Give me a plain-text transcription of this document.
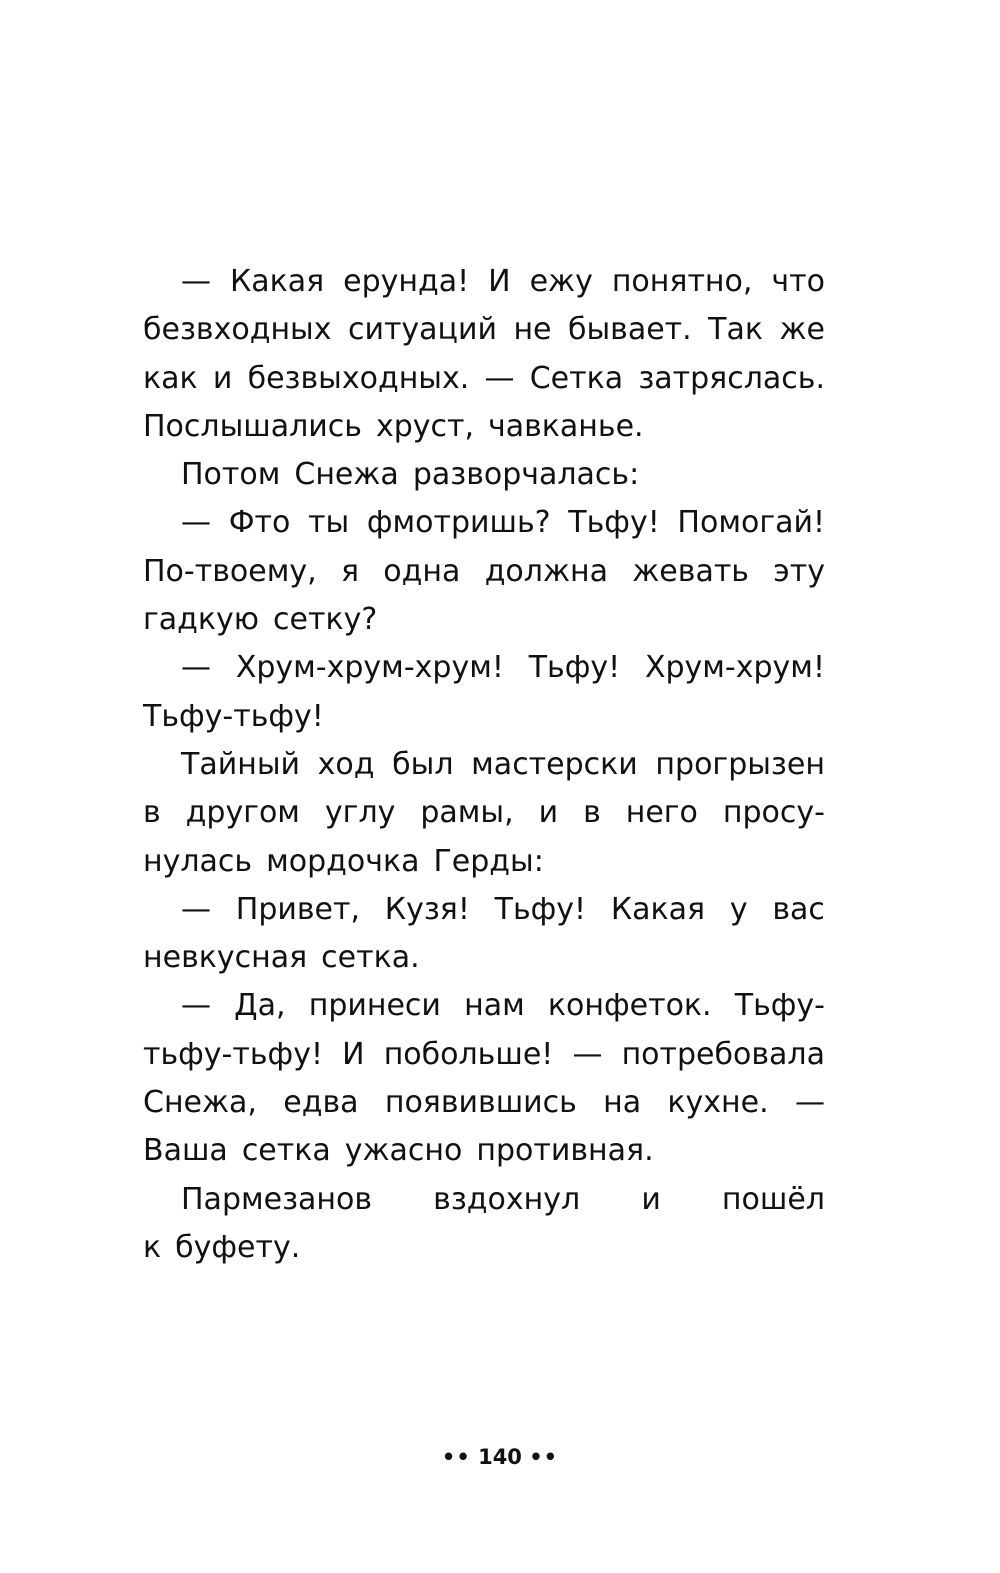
— Какая ерунда! И ежу понятно, что
безвходных ситуаций не бывает. Так же
как и безвыходных. — Сетка затряслась.
Послышались хруст, чавканье.
Потом Снежа разворчалась:
— Фто ты фмотришь? Тьфу! Помогай!
По-твоему, я одна должна жевать эту
гадкую сетку?
— Хрум-хрум-хрум! Тьфу! Хрум-хрум!
Тьфу-тьфу!
Тайный ход был мастерски прогрызен
в другом углу рамы, и в него просу-
нулась мордочка Герды:
— Привет, Кузя! Тьфу! Какая у вас
невкусная сетка.
— Да, принеси нам конфеток. Тьфу-
тьфу-тьфу! И побольше! — потребовала
Снежа, едва появившись на кухне. —
Ваша сетка ужасно противная.
Пармезанов вздохнул и пошёл
к буфету.
•• 140 ••
